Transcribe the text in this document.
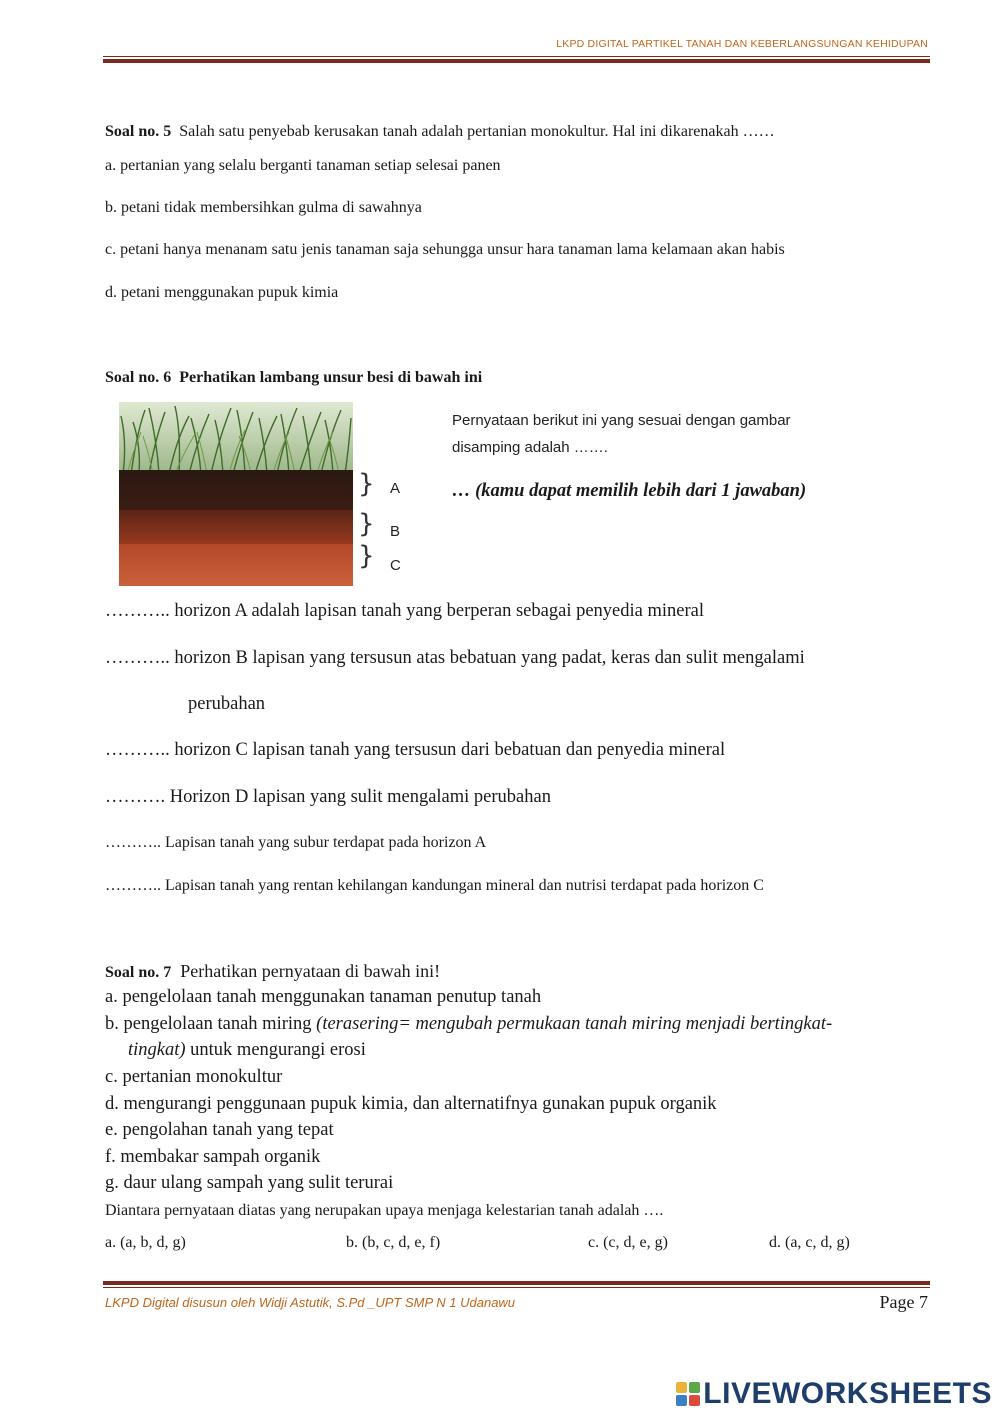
LKPD DIGITAL PARTIKEL TANAH DAN KEBERLANGSUNGAN KEHIDUPAN
Soal no. 5 Salah satu penyebab kerusakan tanah adalah pertanian monokultur. Hal ini dikarenakah ……
a. pertanian yang selalu berganti tanaman setiap selesai panen
b. petani tidak membersihkan gulma di sawahnya
c. petani hanya menanam satu jenis tanaman saja sehungga unsur hara tanaman lama kelamaan akan habis
d. petani menggunakan pupuk kimia
Soal no. 6 Perhatikan lambang unsur besi di bawah ini
}
}
}
A
B
C
Pernyataan berikut ini yang sesuai dengan gambar
disamping adalah …….
… (kamu dapat memilih lebih dari 1 jawaban)
……….. horizon A adalah lapisan tanah yang berperan sebagai penyedia mineral
……….. horizon B lapisan yang tersusun atas bebatuan yang padat, keras dan sulit mengalami
perubahan
……….. horizon C lapisan tanah yang tersusun dari bebatuan dan penyedia mineral
………. Horizon D lapisan yang sulit mengalami perubahan
……….. Lapisan tanah yang subur terdapat pada horizon A
……….. Lapisan tanah yang rentan kehilangan kandungan mineral dan nutrisi terdapat pada horizon C
Soal no. 7 Perhatikan pernyataan di bawah ini!
a. pengelolaan tanah menggunakan tanaman penutup tanah
b. pengelolaan tanah miring (terasering= mengubah permukaan tanah miring menjadi bertingkat-
tingkat) untuk mengurangi erosi
c. pertanian monokultur
d. mengurangi penggunaan pupuk kimia, dan alternatifnya gunakan pupuk organik
e. pengolahan tanah yang tepat
f. membakar sampah organik
g. daur ulang sampah yang sulit terurai
Diantara pernyataan diatas yang nerupakan upaya menjaga kelestarian tanah adalah ….
a. (a, b, d, g)	b. (b, c, d, e, f)	c. (c, d, e, g)	d. (a, c, d, g)
LKPD Digital disusun oleh Widji Astutik, S.Pd _UPT SMP N 1 Udanawu	Page 7
LIVEWORKSHEETS
